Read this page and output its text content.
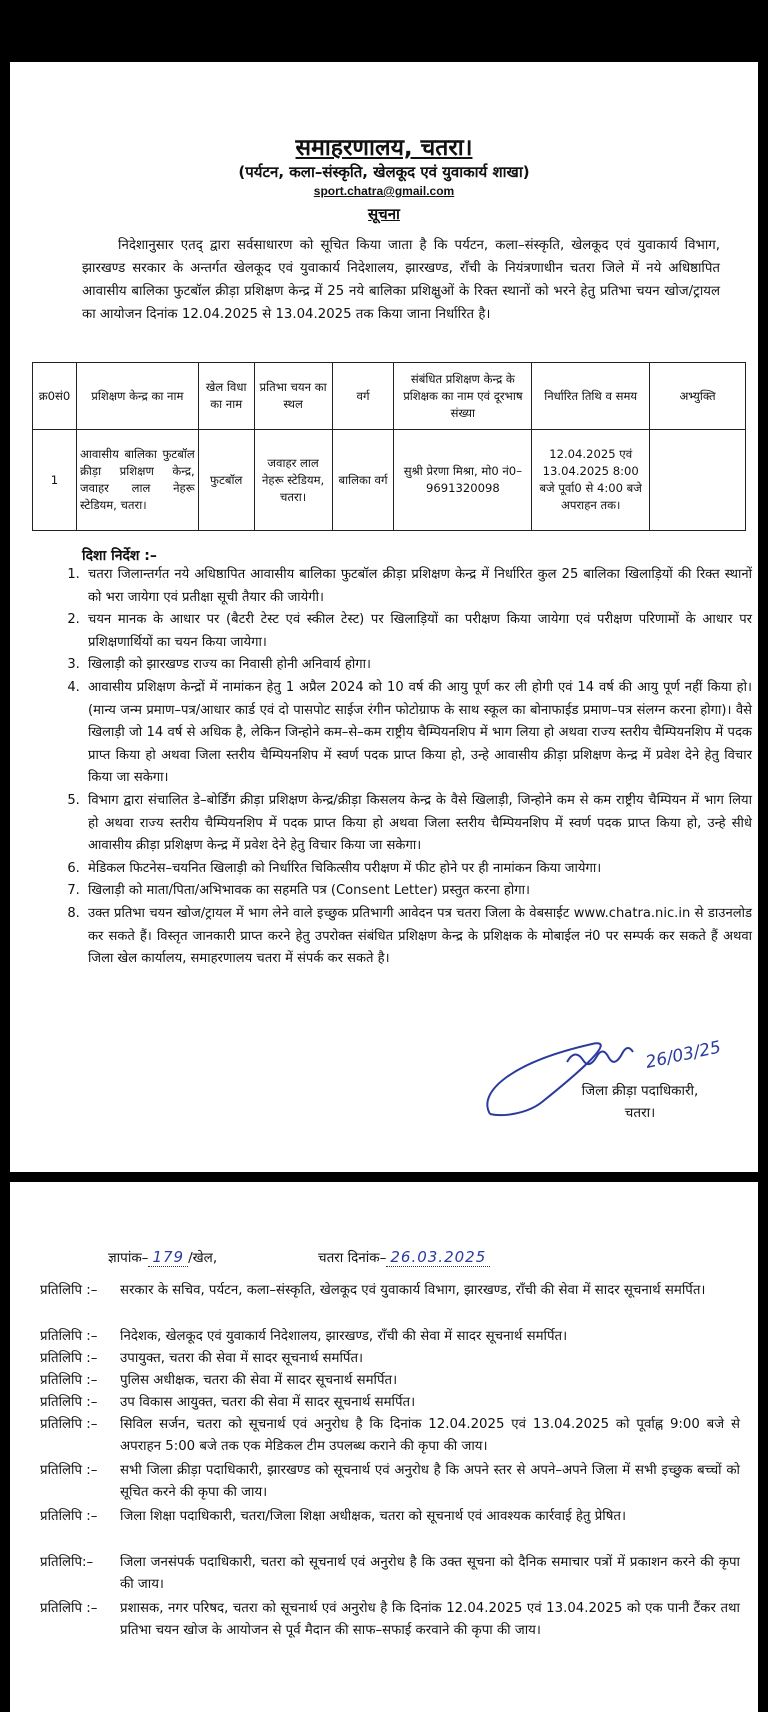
समाहरणालय, चतरा।
(पर्यटन, कला–संस्कृति, खेलकूद एवं युवाकार्य शाखा)
sport.chatra@gmail.com
सूचना

निदेशानुसार एतद् द्वारा सर्वसाधारण को सूचित किया जाता है कि पर्यटन, कला–संस्कृति, खेलकूद एवं युवाकार्य विभाग, झारखण्ड सरकार के अन्तर्गत खेलकूद एवं युवाकार्य निदेशालय, झारखण्ड, राँची के नियंत्रणाधीन चतरा जिले में नये अधिष्ठापित आवासीय बालिका फुटबॉल क्रीड़ा प्रशिक्षण केन्द्र में 25 नये बालिका प्रशिक्षुओं के रिक्त स्थानों को भरने हेतु प्रतिभा चयन खोज/ट्रायल का आयोजन दिनांक 12.04.2025 से 13.04.2025 तक किया जाना निर्धारित है।

क्र0सं0	प्रशिक्षण केन्द्र का नाम	खेल विधा का नाम	प्रतिभा चयन का स्थल	वर्ग	संबंधित प्रशिक्षण केन्द्र के प्रशिक्षक का नाम एवं दूरभाष संख्या	निर्धारित तिथि व समय	अभ्युक्ति
1	आवासीय बालिका फुटबॉल क्रीड़ा प्रशिक्षण केन्द्र, जवाहर लाल नेहरू स्टेडियम, चतरा।	फुटबॉल	जवाहर लाल नेहरू स्टेडियम, चतरा।	बालिका वर्ग	सुश्री प्रेरणा मिश्रा, मो0 नं0–9691320098	12.04.2025 एवं 13.04.2025 8:00 बजे पूर्वा0 से 4:00 बजे अपराहन तक।	
दिशा निर्देश :–
1. चतरा जिलान्तर्गत नये अधिष्ठापित आवासीय बालिका फुटबॉल क्रीड़ा प्रशिक्षण केन्द्र में निर्धारित कुल 25 बालिका खिलाड़ियों की रिक्त स्थानों को भरा जायेगा एवं प्रतीक्षा सूची तैयार की जायेगी।
2. चयन मानक के आधार पर (बैटरी टेस्ट एवं स्कील टेस्ट) पर खिलाड़ियों का परीक्षण किया जायेगा एवं परीक्षण परिणामों के आधार पर प्रशिक्षणार्थियों का चयन किया जायेगा।
3. खिलाड़ी को झारखण्ड राज्य का निवासी होनी अनिवार्य होगा।
4. आवासीय प्रशिक्षण केन्द्रों में नामांकन हेतु 1 अप्रैल 2024 को 10 वर्ष की आयु पूर्ण कर ली होगी एवं 14 वर्ष की आयु पूर्ण नहीं किया हो। (मान्य जन्म प्रमाण–पत्र/आधार कार्ड एवं दो पासपोट साईज रंगीन फोटोग्राफ के साथ स्कूल का बोनाफाईड प्रमाण–पत्र संलग्न करना होगा)। वैसे खिलाड़ी जो 14 वर्ष से अधिक है, लेकिन जिन्होने कम–से–कम राष्ट्रीय चैम्पियनशिप में भाग लिया हो अथवा राज्य स्तरीय चैम्पियनशिप में पदक प्राप्त किया हो अथवा जिला स्तरीय चैम्पियनशिप में स्वर्ण पदक प्राप्त किया हो, उन्हे आवासीय क्रीड़ा प्रशिक्षण केन्द्र में प्रवेश देने हेतु विचार किया जा सकेगा।
5. विभाग द्वारा संचालित डे–बोर्डिंग क्रीड़ा प्रशिक्षण केन्द्र/क्रीड़ा किसलय केन्द्र के वैसे खिलाड़ी, जिन्होने कम से कम राष्ट्रीय चैम्पियन में भाग लिया हो अथवा राज्य स्तरीय चैम्पियनशिप में पदक प्राप्त किया हो अथवा जिला स्तरीय चैम्पियनशिप में स्वर्ण पदक प्राप्त किया हो, उन्हे सीधे आवासीय क्रीड़ा प्रशिक्षण केन्द्र में प्रवेश देने हेतु विचार किया जा सकेगा।
6. मेडिकल फिटनेस–चयनित खिलाड़ी को निर्धारित चिकित्सीय परीक्षण में फीट होने पर ही नामांकन किया जायेगा।
7. खिलाड़ी को माता/पिता/अभिभावक का सहमति पत्र (Consent Letter) प्रस्तुत करना होगा।
8. उक्त प्रतिभा चयन खोज/ट्रायल में भाग लेने वाले इच्छुक प्रतिभागी आवेदन पत्र चतरा जिला के वेबसाईट www.chatra.nic.in से डाउनलोड कर सकते हैं। विस्तृत जानकारी प्राप्त करने हेतु उपरोक्त संबंधित प्रशिक्षण केन्द्र के प्रशिक्षक के मोबाईल नं0 पर सम्पर्क कर सकते हैं अथवा जिला खेल कार्यालय, समाहरणालय चतरा में संपर्क कर सकते है।
26/03/25
जिला क्रीड़ा पदाधिकारी,
चतरा।
ज्ञापांक– 179 /खेल,	चतरा दिनांक– 26.03.2025
प्रतिलिपि :–	सरकार के सचिव, पर्यटन, कला–संस्कृति, खेलकूद एवं युवाकार्य विभाग, झारखण्ड, राँची की सेवा में सादर सूचनार्थ समर्पित।
प्रतिलिपि :–	निदेशक, खेलकूद एवं युवाकार्य निदेशालय, झारखण्ड, राँची की सेवा में सादर सूचनार्थ समर्पित।
प्रतिलिपि :–	उपायुक्त, चतरा की सेवा में सादर सूचनार्थ समर्पित।
प्रतिलिपि :–	पुलिस अधीक्षक, चतरा की सेवा में सादर सूचनार्थ समर्पित।
प्रतिलिपि :–	उप विकास आयुक्त, चतरा की सेवा में सादर सूचनार्थ समर्पित।
प्रतिलिपि :–	सिविल सर्जन, चतरा को सूचनार्थ एवं अनुरोध है कि दिनांक 12.04.2025 एवं 13.04.2025 को पूर्वाह्न 9:00 बजे से अपराहन 5:00 बजे तक एक मेडिकल टीम उपलब्ध कराने की कृपा की जाय।
प्रतिलिपि :–	सभी जिला क्रीड़ा पदाधिकारी, झारखण्ड को सूचनार्थ एवं अनुरोध है कि अपने स्तर से अपने–अपने जिला में सभी इच्छुक बच्चों को सूचित करने की कृपा की जाय।
प्रतिलिपि :–	जिला शिक्षा पदाधिकारी, चतरा/जिला शिक्षा अधीक्षक, चतरा को सूचनार्थ एवं आवश्यक कार्रवाई हेतु प्रेषित।
प्रतिलिपि:–	जिला जनसंपर्क पदाधिकारी, चतरा को सूचनार्थ एवं अनुरोध है कि उक्त सूचना को दैनिक समाचार पत्रों में प्रकाशन करने की कृपा की जाय।
प्रतिलिपि :–	प्रशासक, नगर परिषद, चतरा को सूचनार्थ एवं अनुरोध है कि दिनांक 12.04.2025 एवं 13.04.2025 को एक पानी टैंकर तथा प्रतिभा चयन खोज के आयोजन से पूर्व मैदान की साफ–सफाई करवाने की कृपा की जाय।
